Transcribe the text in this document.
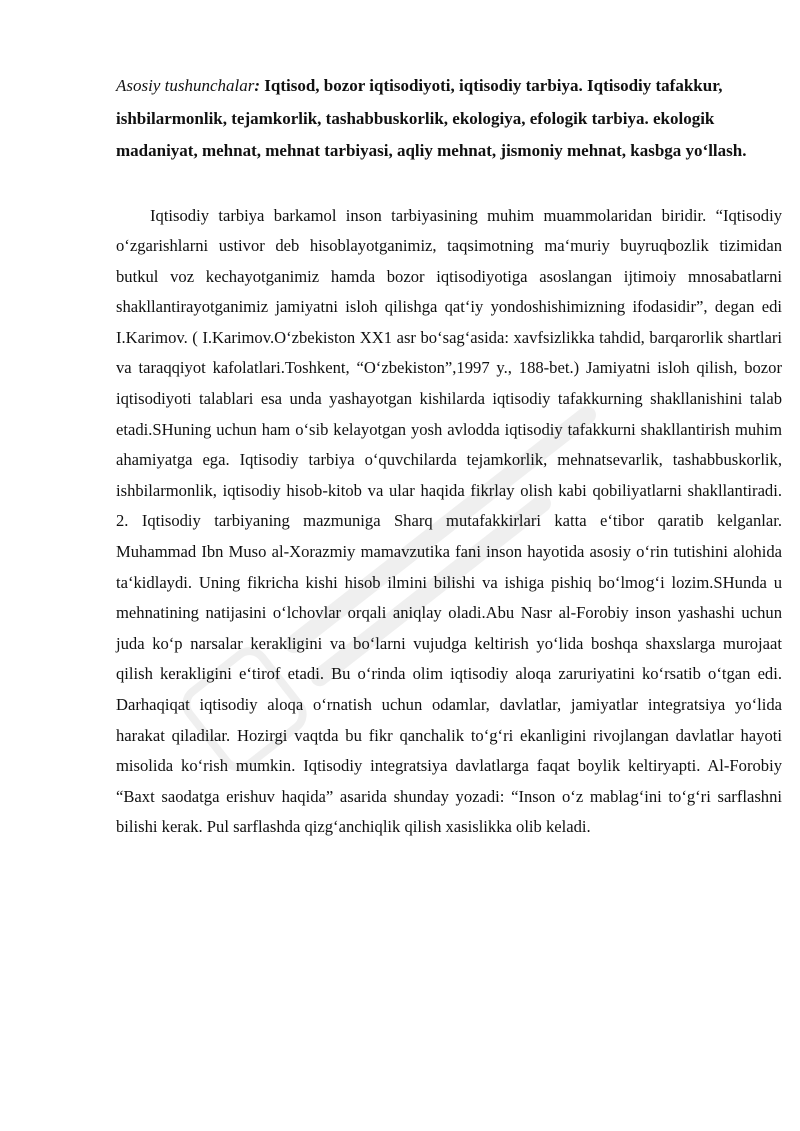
Asosiy tushunchalar: Iqtisod, bozor iqtisodiyoti, iqtisodiy tarbiya. Iqtisodiy tafakkur, ishbilarmonlik, tejamkorlik, tashabbuskorlik, ekologiya, efologik tarbiya. ekologik madaniyat, mehnat, mehnat tarbiyasi, aqliy mehnat, jismoniy mehnat, kasbga yo‘llash.

Iqtisodiy tarbiya barkamol inson tarbiyasining muhim muammolaridan biridir. “Iqtisodiy o‘zgarishlarni ustivor deb hisoblayotganimiz, taqsimotning ma‘muriy buyruqbozlik tizimidan butkul voz kechayotganimiz hamda bozor iqtisodiyotiga asoslangan ijtimoiy mnosabatlarni shakllantirayotganimiz jamiyatni isloh qilishga qat‘iy yondoshishimizning ifodasidir”, degan edi I.Karimov. ( I.Karimov.O‘zbekiston XX1 asr bo‘sag‘asida: xavfsizlikka tahdid, barqarorlik shartlari va taraqqiyot kafolatlari.Toshkent, “O‘zbekiston”,1997 y., 188-bet.) Jamiyatni isloh qilish, bozor iqtisodiyoti talablari esa unda yashayotgan kishilarda iqtisodiy tafakkurning shakllanishini talab etadi.SHuning uchun ham o‘sib kelayotgan yosh avlodda iqtisodiy tafakkurni shakllantirish muhim ahamiyatga ega. Iqtisodiy tarbiya o‘quvchilarda tejamkorlik, mehnatsevarlik, tashabbuskorlik, ishbilarmonlik, iqtisodiy hisob-kitob va ular haqida fikrlay olish kabi qobiliyatlarni shakllantiradi. 2. Iqtisodiy tarbiyaning mazmuniga Sharq mutafakkirlari katta e‘tibor qaratib kelganlar. Muhammad Ibn Muso al-Xorazmiy mamavzutika fani inson hayotida asosiy o‘rin tutishini alohida ta‘kidlaydi. Uning fikricha kishi hisob ilmini bilishi va ishiga pishiq bo‘lmog‘i lozim.SHunda u mehnatining natijasini o‘lchovlar orqali aniqlay oladi.Abu Nasr al-Forobiy inson yashashi uchun juda ko‘p narsalar kerakligini va bo‘larni vujudga keltirish yo‘lida boshqa shaxslarga murojaat qilish kerakligini e‘tirof etadi. Bu o‘rinda olim iqtisodiy aloqa zaruriyatini ko‘rsatib o‘tgan edi. Darhaqiqat iqtisodiy aloqa o‘rnatish uchun odamlar, davlatlar, jamiyatlar integratsiya yo‘lida harakat qiladilar. Hozirgi vaqtda bu fikr qanchalik to‘g‘ri ekanligini rivojlangan davlatlar hayoti misolida ko‘rish mumkin. Iqtisodiy integratsiya davlatlarga faqat boylik keltiryapti. Al-Forobiy “Baxt saodatga erishuv haqida” asarida shunday yozadi: “Inson o‘z mablag‘ini to‘g‘ri sarflashni bilishi kerak. Pul sarflashda qizg‘anchiqlik qilish xasislikka olib keladi.
